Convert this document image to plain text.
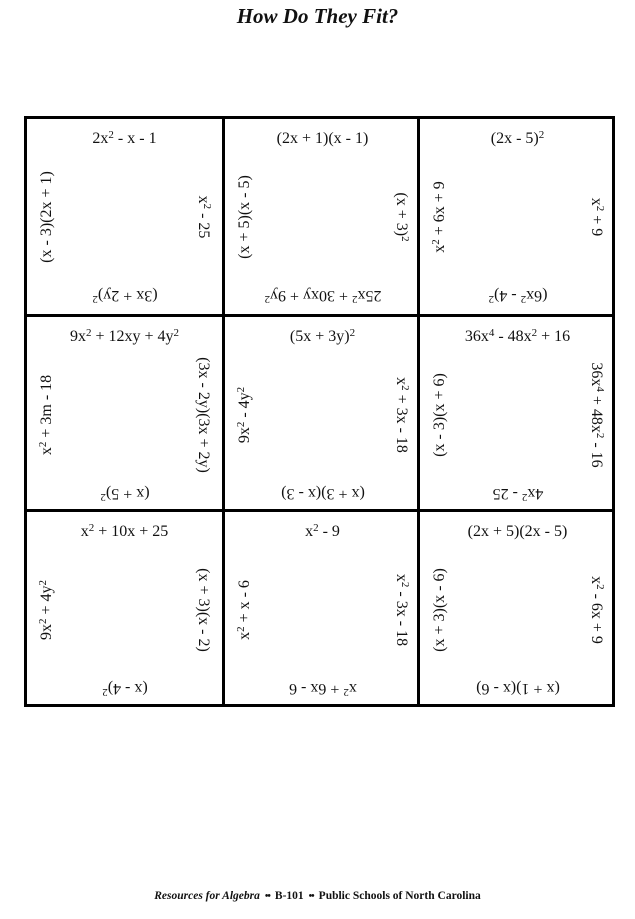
How Do They Fit?
$2x^2$ - x - 1
$(3x + 2y)^2$
(x - 3)(2x + 1)	$x^2 - 25$
(2x + 1)(x - 1)
$25x^2 + 30xy + 9y^2$
(x + 5)(x - 5)	$(x + 3)^2$
(2x - 5)$^2$
$(6x^2 - 4)^2$
$x^2 + 6x + 9$	$x^2 + 9$
$9x^2 + 12xy + 4y^2$
$(x + 5)^2$
$x^2 + 3m - 18$	(3x - 2y)(3x + 2y)
$(5x + 3y)^2$
(x + 3)(x - 3)
$9x^2 - 4y^2$
$x^2 + 3x - 18$
$36x^4 - 48x^2 + 16$
$4x^2 - 25$
(x - 3)(x + 6)	$36x^4 + 48x^2 - 16$
$x^2 + 10x + 25$
(x - 4)$^2$
$9x^2 + 4y^2$	(x + 3)(x - 2)
$x^2 - 9$
$x^2 + 6x - 6$
$x^2 + x - 6$
$x^2 - 3x - 18$
(2x + 5)(2x - 5)
(x + 1)(x - 6)
(x + 3)(x - 6)	$x^2 - 6x + 9$
Resources for Algebra •• B-101 •• Public Schools of North Carolina
